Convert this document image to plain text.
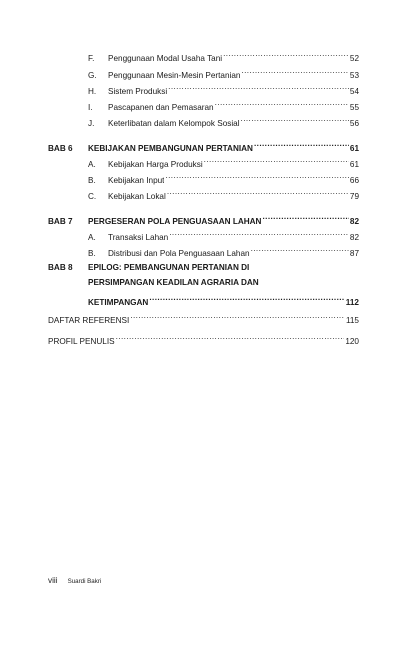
F.	Penggunaan Modal Usaha Tani .....	52
G.	Penggunaan Mesin-Mesin Pertanian .....	53
H.	Sistem Produksi .....	54
I.	Pascapanen dan Pemasaran .....	55
J.	Keterlibatan dalam Kelompok Sosial .....	56
BAB 6	KEBIJAKAN PEMBANGUNAN PERTANIAN .....	61
A.	Kebijakan Harga Produksi .....	61
B.	Kebijakan Input .....	66
C.	Kebijakan Lokal .....	79
BAB 7	PERGESERAN POLA PENGUASAAN LAHAN .....	82
A.	Transaksi Lahan .....	82
B.	Distribusi dan Pola Penguasaan Lahan .....	87
BAB 8	EPILOG: PEMBANGUNAN PERTANIAN DI
PERSIMPANGAN KEADILAN AGRARIA DAN
KETIMPANGAN .....	112
DAFTAR REFERENSI .....	115
PROFIL PENULIS .....	120
viii Suardi Bakri
